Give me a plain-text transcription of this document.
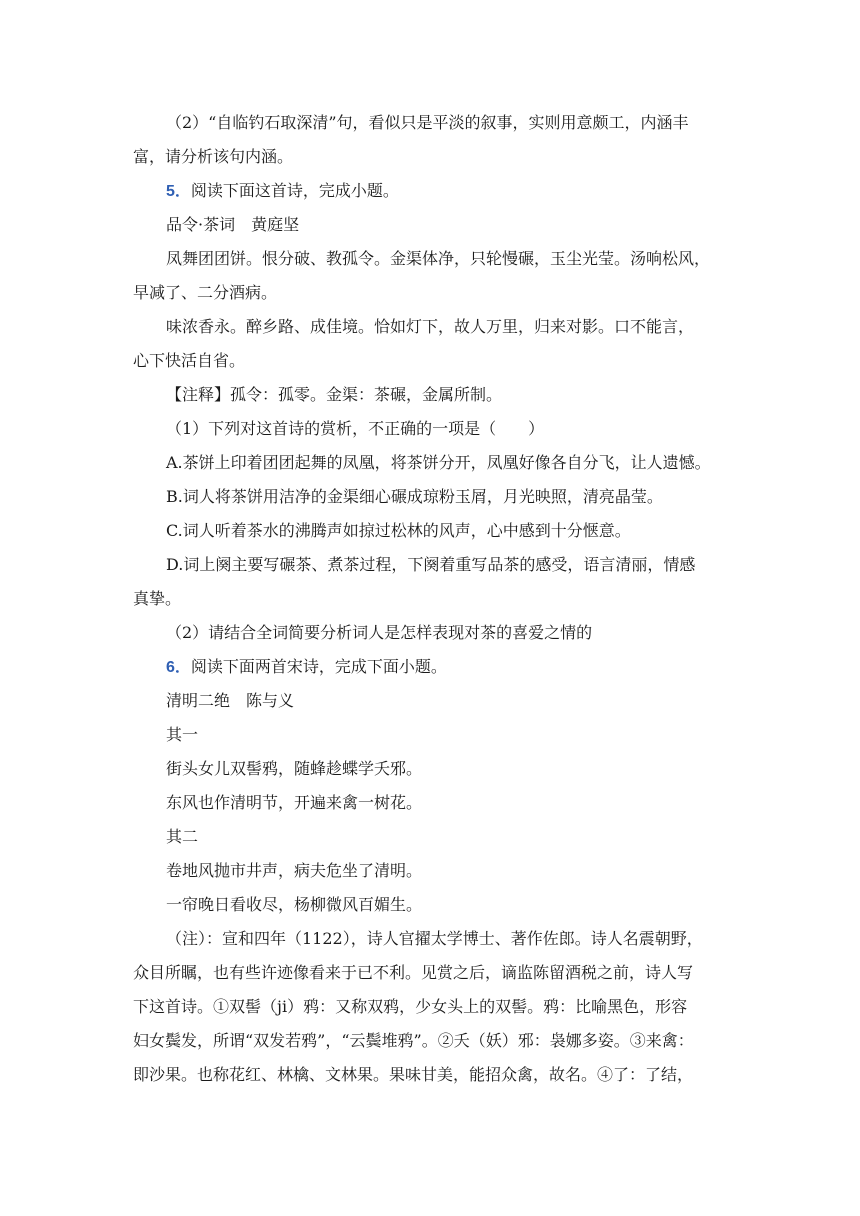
（2）“自临钓石取深清”句，看似只是平淡的叙事，实则用意颇工，内涵丰
富，请分析该句内涵。
5．阅读下面这首诗，完成小题。
品令·茶词　黄庭坚
凤舞团团饼。恨分破、教孤令。金渠体净，只轮慢碾，玉尘光莹。汤响松风，
早减了、二分酒病。
味浓香永。醉乡路、成佳境。恰如灯下，故人万里，归来对影。口不能言，
心下快活自省。
【注释】孤令：孤零。金渠：茶碾，金属所制。
（1）下列对这首诗的赏析，不正确的一项是（　　）
A.茶饼上印着团团起舞的凤凰，将茶饼分开，凤凰好像各自分飞，让人遗憾。
B.词人将茶饼用洁净的金渠细心碾成琼粉玉屑，月光映照，清亮晶莹。
C.词人听着茶水的沸腾声如掠过松林的风声，心中感到十分惬意。
D.词上阕主要写碾茶、煮茶过程，下阕着重写品茶的感受，语言清丽，情感
真挚。
（2）请结合全词简要分析词人是怎样表现对茶的喜爱之情的
6．阅读下面两首宋诗，完成下面小题。
清明二绝　陈与义
其一
街头女儿双髻鸦，随蜂趁蝶学夭邪。
东风也作清明节，开遍来禽一树花。
其二
卷地风抛市井声，病夫危坐了清明。
一帘晚日看收尽，杨柳微风百媚生。
（注）：宣和四年（1122），诗人官擢太学博士、著作佐郎。诗人名震朝野，
众目所瞩，也有些许迹像看来于已不利。见赏之后，谪监陈留酒税之前，诗人写
下这首诗。①双髻（ji）鸦：又称双鸦，少女头上的双髻。鸦：比喻黑色，形容
妇女鬓发，所谓“双发若鸦”，“云鬓堆鸦”。②夭（妖）邪：袅娜多姿。③来禽：
即沙果。也称花红、林檎、文林果。果味甘美，能招众禽，故名。④了：了结，
